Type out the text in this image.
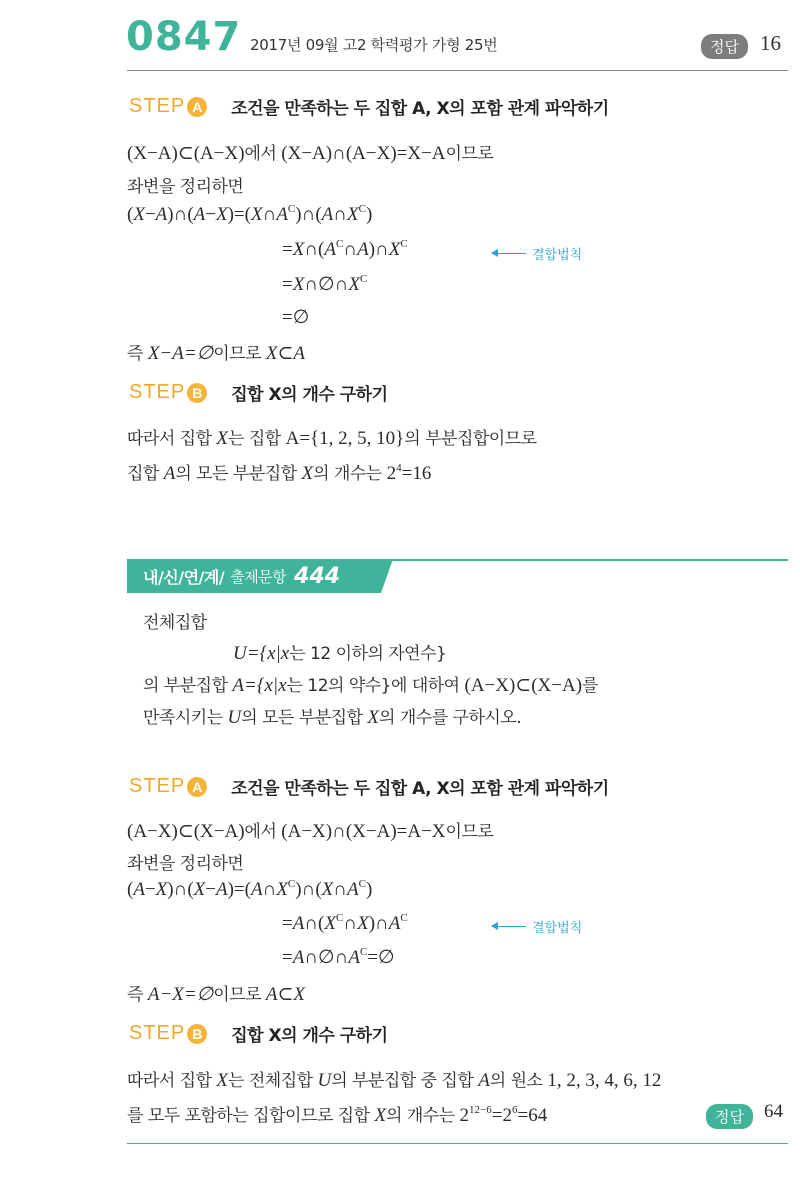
0847 2017년 09월 고2 학력평가 가형 25번	정답	16
STEP A 조건을 만족하는 두 집합 A, X의 포함 관계 파악하기
(X−A)⊂(A−X) 에서 (X−A)∩(A−X)=X−A 이므로
좌변을 정리하면
$(X-A)\cap(A-X)=(X\cap A^C)\cap(A\cap X^C)$
$=X\cap(A^C\cap A)\cap X^C$
결합법칙
$=X\cap\emptyset\cap X^C$
=∅
즉 X−A=∅ 이므로 X⊂A
STEP B 집합 X의 개수 구하기
따라서 집합 X 는 집합 A={1, 2, 5, 10} 의 부분집합이므로
집합 A 의 모든 부분집합 X 의 개수는 $2^4 =16$
내/신/연/계/ 출제문항 444
전체집합
U={x|x 는 12 이하의 자연수}
의 부분집합 A={x|x 는 12의 약수} 에 대하여 (A−X)⊂(X−A) 를
만족시키는 U 의 모든 부분집합 X 의 개수를 구하시오.
STEP A 조건을 만족하는 두 집합 A, X의 포함 관계 파악하기
(A−X)⊂(X−A) 에서 (A−X)∩(X−A)=A−X 이므로
좌변을 정리하면
$(A-X)\cap(X-A)=(A\cap X^C)\cap(X\cap A^C)$
$=A\cap(X^C\cap X)\cap A^C$
결합법칙
$=A\cap\emptyset\cap A^C=\emptyset$
즉 A−X=∅ 이므로 A⊂X
STEP B 집합 X의 개수 구하기
따라서 집합 X 는 전체집합 U 의 부분집합 중 집합 A 의 원소 1, 2, 3, 4, 6, 12
를 모두 포함하는 집합이므로 집합 X 의 개수는 $2^{12-6}=2^6=64$	정답	64
